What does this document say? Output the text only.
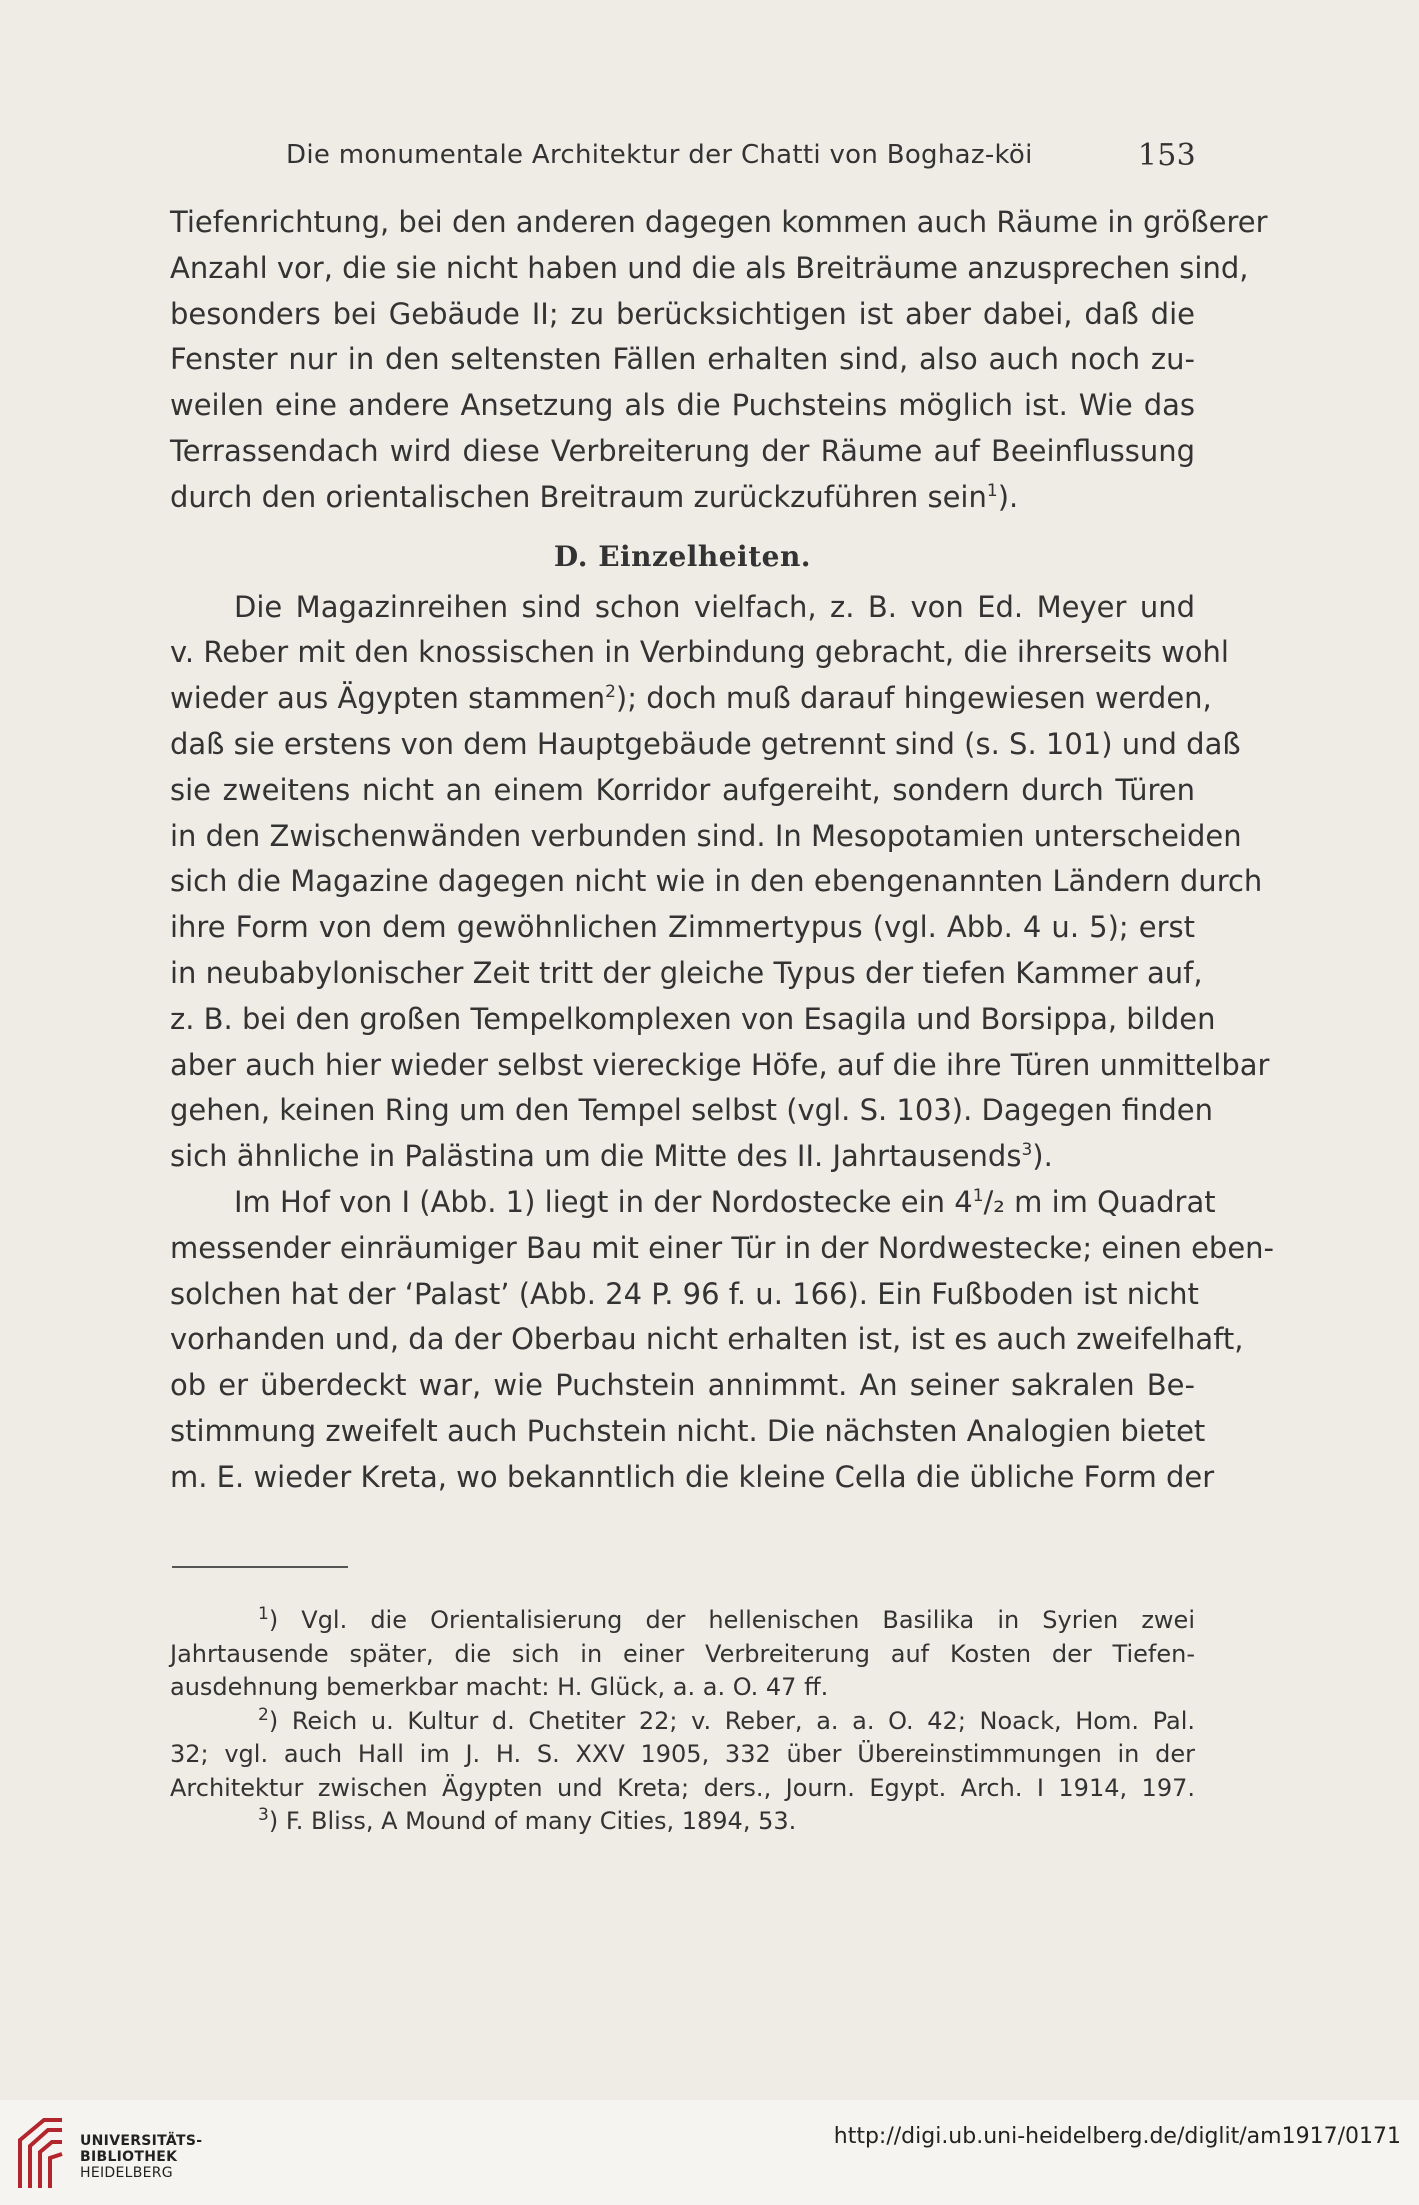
Die monumentale Architektur der Chatti von Boghaz-köi	153
Tiefenrichtung, bei den anderen dagegen kommen auch Räume in größerer
Anzahl vor, die sie nicht haben und die als Breiträume anzusprechen sind,
besonders bei Gebäude II; zu berücksichtigen ist aber dabei, daß die
Fenster nur in den seltensten Fällen erhalten sind, also auch noch zu-
weilen eine andere Ansetzung als die Puchsteins möglich ist. Wie das
Terrassendach wird diese Verbreiterung der Räume auf Beeinflussung
durch den orientalischen Breitraum zurückzuführen sein$^1$).
D. Einzelheiten.
Die Magazinreihen sind schon vielfach, z. B. von Ed. Meyer und
v. Reber mit den knossischen in Verbindung gebracht, die ihrerseits wohl
wieder aus Ägypten stammen$^2$); doch muß darauf hingewiesen werden,
daß sie erstens von dem Hauptgebäude getrennt sind (s. S. 101) und daß
sie zweitens nicht an einem Korridor aufgereiht, sondern durch Türen
in den Zwischenwänden verbunden sind. In Mesopotamien unterscheiden
sich die Magazine dagegen nicht wie in den ebengenannten Ländern durch
ihre Form von dem gewöhnlichen Zimmertypus (vgl. Abb. 4 u. 5); erst
in neubabylonischer Zeit tritt der gleiche Typus der tiefen Kammer auf,
z. B. bei den großen Tempelkomplexen von Esagila und Borsippa, bilden
aber auch hier wieder selbst viereckige Höfe, auf die ihre Türen unmittelbar
gehen, keinen Ring um den Tempel selbst (vgl. S. 103). Dagegen finden
sich ähnliche in Palästina um die Mitte des II. Jahrtausends$^3$).
Im Hof von I (Abb. 1) liegt in der Nordostecke ein $4^1/_2$ m im Quadrat
messender einräumiger Bau mit einer Tür in der Nordwestecke; einen eben-
solchen hat der ‘Palast’ (Abb. 24 P. 96 f. u. 166). Ein Fußboden ist nicht
vorhanden und, da der Oberbau nicht erhalten ist, ist es auch zweifelhaft,
ob er überdeckt war, wie Puchstein annimmt. An seiner sakralen Be-
stimmung zweifelt auch Puchstein nicht. Die nächsten Analogien bietet
m. E. wieder Kreta, wo bekanntlich die kleine Cella die übliche Form der
$^1$) Vgl. die Orientalisierung der hellenischen Basilika in Syrien zwei
Jahrtausende später, die sich in einer Verbreiterung auf Kosten der Tiefen-
ausdehnung bemerkbar macht: H. Glück, a. a. O. 47 ff.
$^2$) Reich u. Kultur d. Chetiter 22; v. Reber, a. a. O. 42; Noack, Hom. Pal.
32; vgl. auch Hall im J. H. S. XXV 1905, 332 über Übereinstimmungen in der
Architektur zwischen Ägypten und Kreta; ders., Journ. Egypt. Arch. I 1914, 197.
$^3$) F. Bliss, A Mound of many Cities, 1894, 53.
UNIVERSITÄTS-
BIBLIOTHEK
HEIDELBERG
http://digi.ub.uni-heidelberg.de/diglit/am1917/0171
